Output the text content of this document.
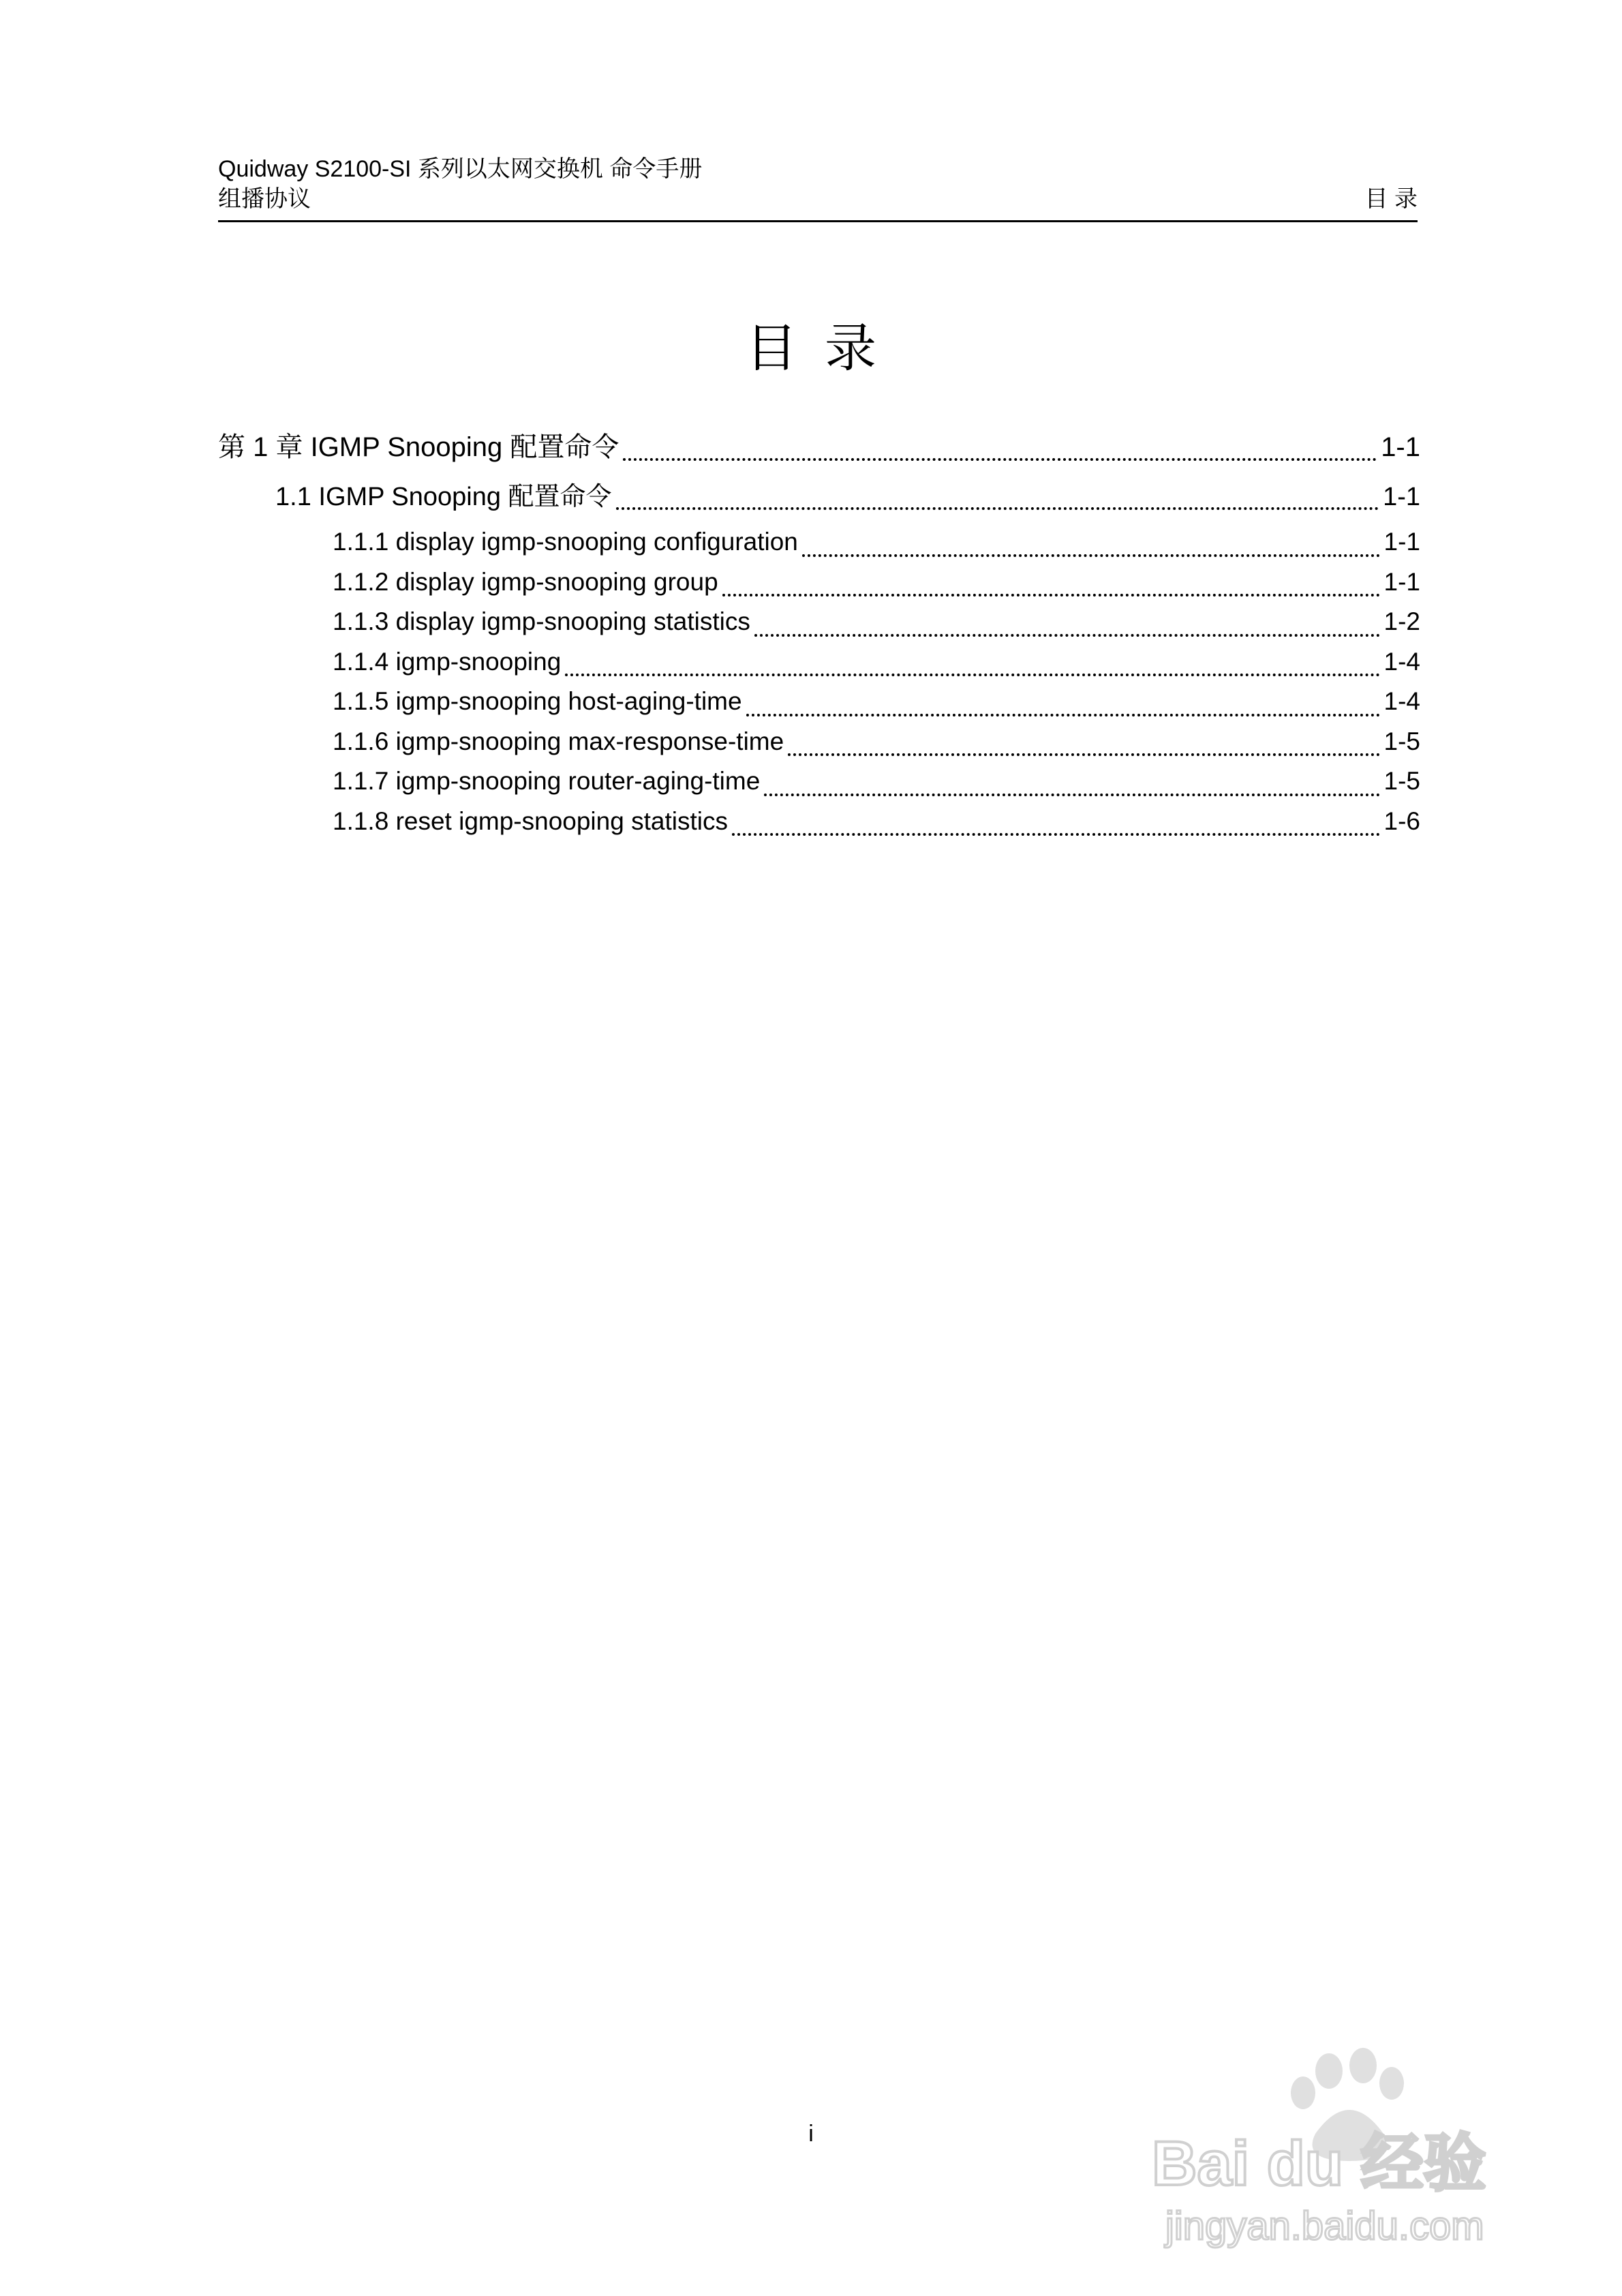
Quidway S2100-SI 系列以太网交换机 命令手册
组播协议	目 录
目录
第 1 章 IGMP Snooping 配置命令	1-1
1.1 IGMP Snooping 配置命令	1-1
1.1.1 display igmp-snooping configuration	1-1
1.1.2 display igmp-snooping group	1-1
1.1.3 display igmp-snooping statistics	1-2
1.1.4 igmp-snooping	1-4
1.1.5 igmp-snooping host-aging-time	1-4
1.1.6 igmp-snooping max-response-time	1-5
1.1.7 igmp-snooping router-aging-time	1-5
1.1.8 reset igmp-snooping statistics	1-6
i	Bai du 经验
jingyan.baidu.com
